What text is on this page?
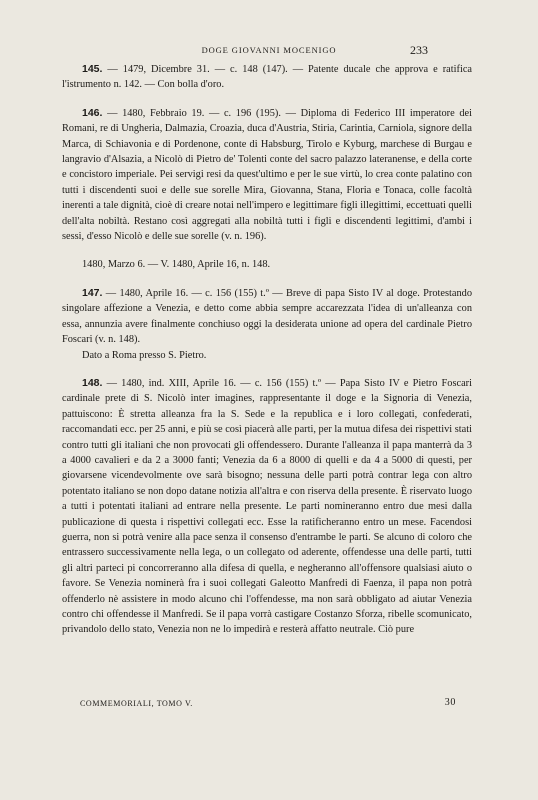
DOGE GIOVANNI MOCENIGO	233

145. — 1479, Dicembre 31. — c. 148 (147). — Patente ducale che approva e ratifica l'istrumento n. 142. — Con bolla d'oro.

146. — 1480, Febbraio 19. — c. 196 (195). — Diploma di Federico III imperatore dei Romani, re di Ungheria, Dalmazia, Croazia, duca d'Austria, Stiria, Carintia, Carniola, signore della Marca, di Schiavonia e di Pordenone, conte di Habsburg, Tirolo e Kyburg, marchese di Burgau e langravio d'Alsazia, a Nicolò di Pietro de' Tolenti conte del sacro palazzo lateranense, e della corte e concistoro imperiale. Pei servigi resi da quest'ultimo e per le sue virtù, lo crea conte palatino con tutti i discendenti suoi e delle sue sorelle Mira, Giovanna, Stana, Floria e Tonaca, colle facoltà inerenti a tale dignità, cioè di creare notai nell'impero e legittimare figli illegittimi, eccettuati quelli dell'alta nobiltà. Restano così aggregati alla nobiltà tutti i figli e discendenti legittimi, d'ambi i sessi, d'esso Nicolò e delle sue sorelle (v. n. 196).

1480, Marzo 6. — V. 1480, Aprile 16, n. 148.

147. — 1480, Aprile 16. — c. 156 (155) t.º — Breve di papa Sisto IV al doge. Protestando singolare affezione a Venezia, e detto come abbia sempre accarezzata l'idea di un'alleanza con essa, annunzia avere finalmente conchiuso oggi la desiderata unione ad opera del cardinale Pietro Foscari (v. n. 148).

Dato a Roma presso S. Pietro.

148. — 1480, ind. XIII, Aprile 16. — c. 156 (155) t.º — Papa Sisto IV e Pietro Foscari cardinale prete di S. Nicolò inter imagines, rappresentante il doge e la Signoria di Venezia, pattuiscono: È stretta alleanza fra la S. Sede e la republica e i loro collegati, confederati, raccomandati ecc. per 25 anni, e più se così piacerà alle parti, per la mutua difesa dei rispettivi stati contro tutti gli italiani che non provocati gli offendessero. Durante l'alleanza il papa manterrà da 3 a 4000 cavalieri e da 2 a 3000 fanti; Venezia da 6 a 8000 di quelli e da 4 a 5000 di questi, per giovarsene vicendevolmente ove sarà bisogno; nessuna delle parti potrà contrar lega con altro potentato italiano se non dopo datane notizia all'altra e con riserva della presente. È riservato luogo a tutti i potentati italiani ad entrare nella presente. Le parti nomineranno entro due mesi dalla publicazione di questa i rispettivi collegati ecc. Esse la ratificheranno entro un mese. Facendosi guerra, non si potrà venire alla pace senza il consenso d'entrambe le parti. Se alcuno di coloro che entrassero successivamente nella lega, o un collegato od aderente, offendesse una delle parti, tutti gli altri parteci pi concorreranno alla difesa di quella, e negheranno all'offensore qualsiasi aiuto o favore. Se Venezia nominerà fra i suoi collegati Galeotto Manfredi di Faenza, il papa non potrà offenderlo nè assistere in modo alcuno chi l'offendesse, ma non sarà obbligato ad aiutar Venezia contro chi offendesse il Manfredi. Se il papa vorrà castigare Costanzo Sforza, ribelle scomunicato, privandolo dello stato, Venezia non ne lo impedirà e resterà affatto neutrale. Ciò pure

COMMEMORIALI, TOMO V.	30
